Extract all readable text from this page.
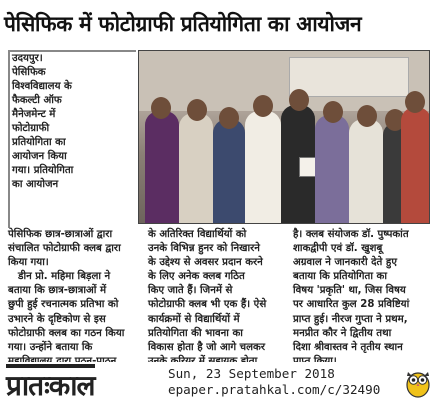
पेसिफिक में फोटोग्राफी प्रतियोगिता का आयोजन

उदयपुर।

पेसिफिक

विश्वविद्यालय के

फैकल्टी ऑफ

मैनेजमेन्ट में

फोटोग्राफी

प्रतियोगिता का

आयोजन किया

गया। प्रतियोगिता

का आयोजन

पेसिफिक छात्र-छात्राओं द्वारा

संचालित फोटोग्राफी क्लब द्वारा

किया गया।

डीन प्रो. महिमा बिड़ला ने

बताया कि छात्र-छात्राओं में

छुपी हुई रचनात्मक प्रतिभा को

उभारने के दृष्टिकोण से इस

फोटोग्राफी क्लब का गठन किया

गया। उन्होंने बताया कि

के अतिरिक्त विद्यार्थियों को

उनके विभिन्न हुनर को निखारने

के उद्देश्य से अवसर प्रदान करने

के लिए अनेक क्लब गठित

किए जाते हैं। जिनमें से

फोटोग्राफी क्लब भी एक हैं। ऐसे

कार्यक्रमों से विद्यार्थियों में

प्रतियोगिता की भावना का

विकास होता है जो आगे चलकर

है। क्लब संयोजक डॉ. पुष्पकांत

शाकद्वीपी एवं डॉ. खुशबू

अग्रवाल ने जानकारी देते हुए

बताया कि प्रतियोगिता का

विषय 'प्रकृति' था, जिस विषय

पर आधारित कुल 28 प्रविष्टियां

प्राप्त हुई। नीरज गुप्ता ने प्रथम,

मनप्रीत कौर ने द्वितीय तथा

दिशा श्रीवास्तव ने तृतीय स्थान

प्रातःकाल	Sun, 23 September 2018
epaper.pratahkal.com/c/32490
